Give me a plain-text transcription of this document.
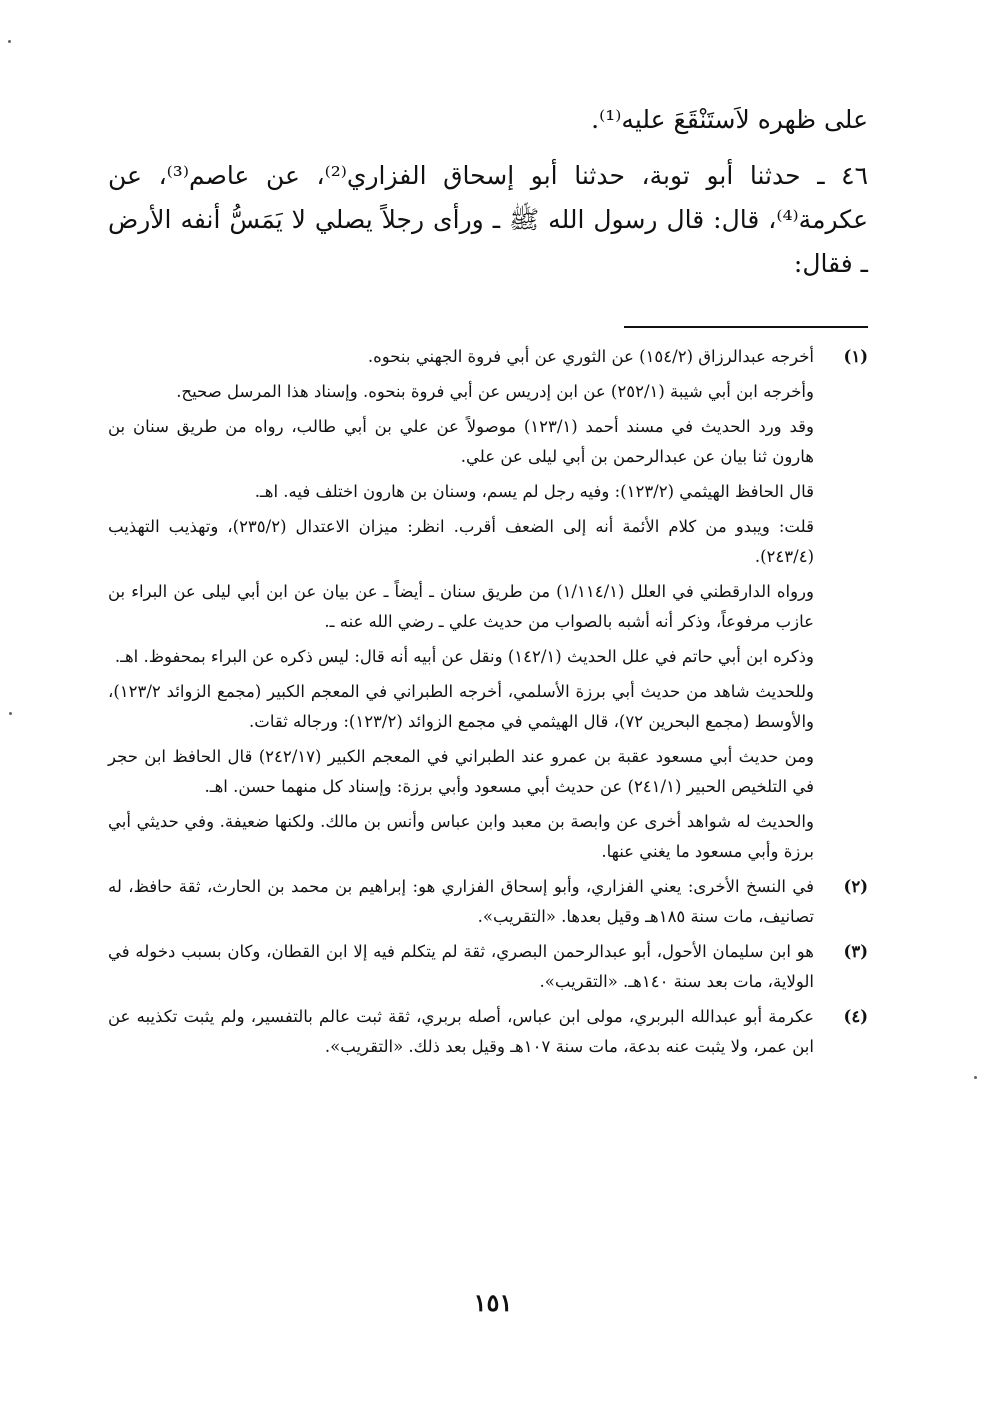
على ظهره لاَستَنْقَعَ عليه⁽¹⁾.

٤٦ ـ حدثنا أبو توبة، حدثنا أبو إسحاق الفزاري⁽²⁾، عن عاصم⁽³⁾، عن عكرمة⁽⁴⁾، قال: قال رسول الله ﷺ ـ ورأى رجلاً يصلي لا يَمَسُّ أنفه الأرض ـ فقال:

(١)

أخرجه عبدالرزاق (١٥٤/٢) عن الثوري عن أبي فروة الجهني بنحوه.

وأخرجه ابن أبي شيبة (٢٥٢/١) عن ابن إدريس عن أبي فروة بنحوه. وإسناد هذا المرسل صحيح.

وقد ورد الحديث في مسند أحمد (١٢٣/١) موصولاً عن علي بن أبي طالب، رواه من طريق سنان بن هارون ثنا بيان عن عبدالرحمن بن أبي ليلى عن علي.

قال الحافظ الهيثمي (١٢٣/٢): وفيه رجل لم يسم، وسنان بن هارون اختلف فيه. اهـ.

قلت: ويبدو من كلام الأئمة أنه إلى الضعف أقرب. انظر: ميزان الاعتدال (٢٣٥/٢)، وتهذيب التهذيب (٢٤٣/٤).

ورواه الدارقطني في العلل (١/١١٤/١) من طريق سنان ـ أيضاً ـ عن بيان عن ابن أبي ليلى عن البراء بن عازب مرفوعاً، وذكر أنه أشبه بالصواب من حديث علي ـ رضي الله عنه ـ.

وذكره ابن أبي حاتم في علل الحديث (١٤٢/١) ونقل عن أبيه أنه قال: ليس ذكره عن البراء بمحفوظ. اهـ.

وللحديث شاهد من حديث أبي برزة الأسلمي، أخرجه الطبراني في المعجم الكبير (مجمع الزوائد ١٢٣/٢)، والأوسط (مجمع البحرين ٧٢)، قال الهيثمي في مجمع الزوائد (١٢٣/٢): ورجاله ثقات.

ومن حديث أبي مسعود عقبة بن عمرو عند الطبراني في المعجم الكبير (٢٤٢/١٧) قال الحافظ ابن حجر في التلخيص الحبير (٢٤١/١) عن حديث أبي مسعود وأبي برزة: وإسناد كل منهما حسن. اهـ.

والحديث له شواهد أخرى عن وابصة بن معبد وابن عباس وأنس بن مالك. ولكنها ضعيفة. وفي حديثي أبي برزة وأبي مسعود ما يغني عنها.

(٢)

في النسخ الأخرى: يعني الفزاري، وأبو إسحاق الفزاري هو: إبراهيم بن محمد بن الحارث، ثقة حافظ، له تصانيف، مات سنة ١٨٥هـ وقيل بعدها. «التقريب».

(٣)

هو ابن سليمان الأحول، أبو عبدالرحمن البصري، ثقة لم يتكلم فيه إلا ابن القطان، وكان بسبب دخوله في الولاية، مات بعد سنة ١٤٠هـ. «التقريب».

(٤)

عكرمة أبو عبدالله البربري، مولى ابن عباس، أصله بربري، ثقة ثبت عالم بالتفسير، ولم يثبت تكذيبه عن ابن عمر، ولا يثبت عنه بدعة، مات سنة ١٠٧هـ وقيل بعد ذلك. «التقريب».

١٥١
